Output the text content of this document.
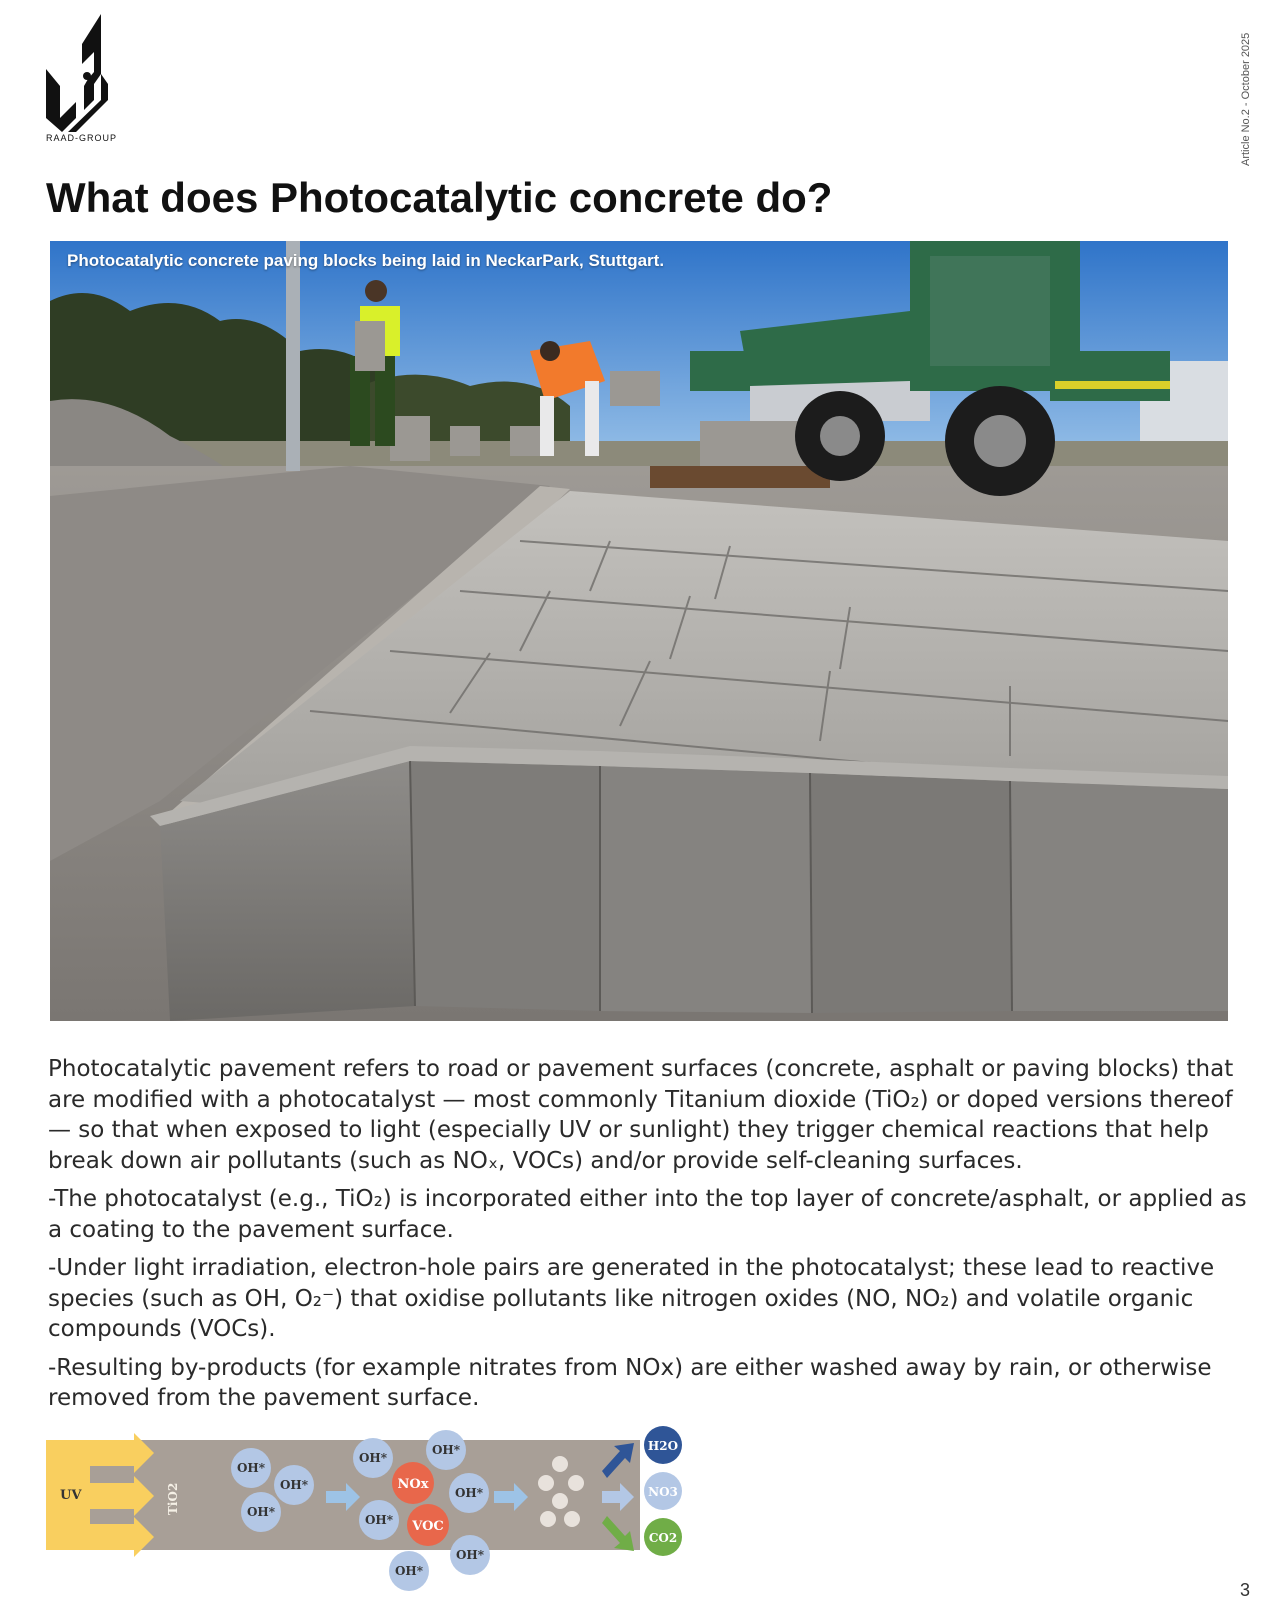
RAAD-GROUP	Article No.2 - October 2025
What does Photocatalytic concrete do?
Photocatalytic concrete paving blocks being laid in NeckarPark, Stuttgart.

Photocatalytic pavement refers to road or pavement surfaces (concrete, asphalt or paving blocks) that are modified with a photocatalyst — most commonly Titanium dioxide (TiO₂) or doped versions thereof — so that when exposed to light (especially UV or sunlight) they trigger chemical reactions that help break down air pollutants (such as NOₓ, VOCs) and/or provide self-cleaning surfaces.

-The photocatalyst (e.g., TiO₂) is incorporated either into the top layer of concrete/asphalt, or applied as a coating to the pavement surface.

-Under light irradiation, electron-hole pairs are generated in the photocatalyst; these lead to reactive species (such as OH, O₂⁻) that oxidise pollutants like nitrogen oxides (NO, NO₂) and volatile organic compounds (VOCs).

-Resulting by-products (for example nitrates from NOx) are either washed away by rain, or otherwise removed from the pavement surface.

UV	TiO2
OH*
OH*
OH*
OH*
OH*
OH*
OH*
OH*
OH*
NOx
VOC
H2O
NO3
CO2
3
